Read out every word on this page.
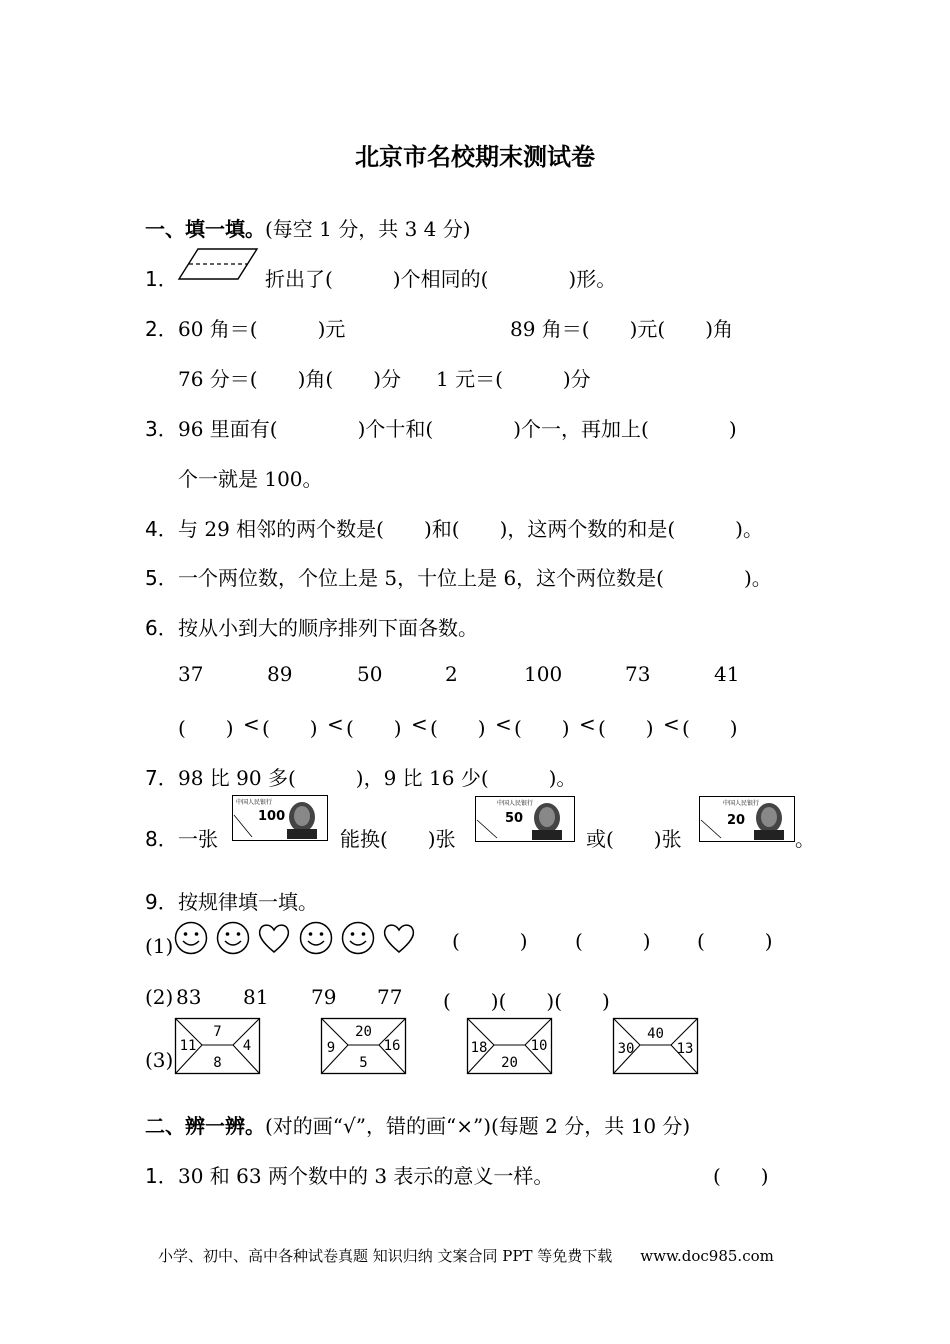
北京市名校期末测试卷
一、填一填。(每空 1 分，共 3 4 分)
1．	折出了(　　　)个相同的(　　　　)形。
2． 60 角＝(　　　)元	89 角＝(　　)元(　　)角
76 分＝(　　)角(　　)分 1 元＝(　　　)分
3． 96 里面有(　　　　)个十和(　　　　)个一，再加上(　　　　)
个一就是 100。
4． 与 29 相邻的两个数是(　　)和(　　)，这两个数的和是(　　　)。
5． 一个两位数，个位上是 5，十位上是 6，这个两位数是(　　　　)。
6． 按从小到大的顺序排列下面各数。
37	89	50	2	100	73	41
(　　) < (　　) < (　　) < (　　) < (　　) < (　　) < (　　)
7． 98 比 90 多(　　　)，9 比 16 少(　　　)。
8． 一张
中国人民银行
100
能换(　　)张
中国人民银行
50
或(　　)张
中国人民银行
20
。
9． 按规律填一填。
(1)	(　　　) (　　　) (　　　)
(2) 83 81 79 77 (　　)(　　)(　　)
(3)
7
11	4
8
20
9	16
5
18	10
20
40
30	13
二、辨一辨。(对的画“√”，错的画“×”)(每题 2 分，共 10 分)
1． 30 和 63 两个数中的 3 表示的意义一样。	(　　)
小学、初中、高中各种试卷真题 知识归纳 文案合同 PPT 等免费下载 www.doc985.com
